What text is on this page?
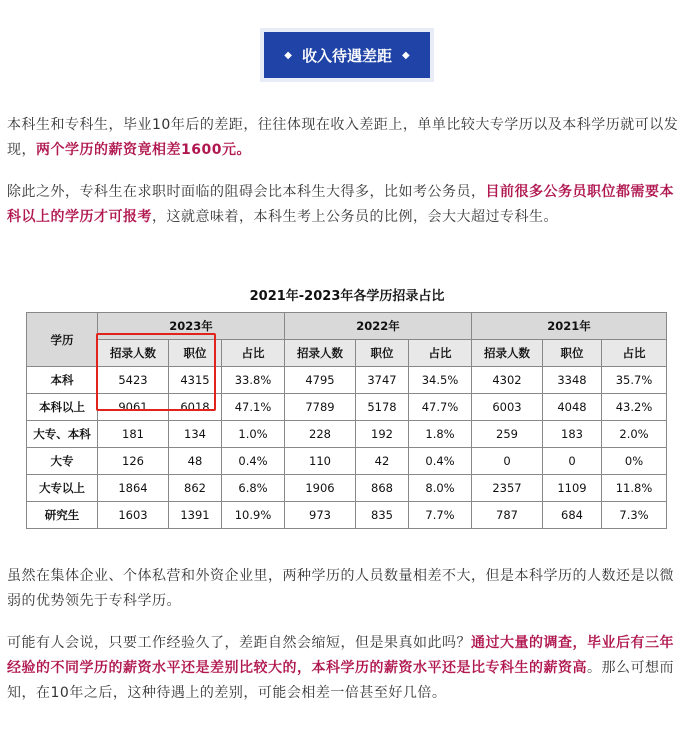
◆ 收入待遇差距 ◆
本科生和专科生，毕业10年后的差距，往往体现在收入差距上，单单比较大专学历以及本科学历就可以发现，两个学历的薪资竟相差1600元。
除此之外，专科生在求职时面临的阻碍会比本科生大得多，比如考公务员，目前很多公务员职位都需要本科以上的学历才可报考，这就意味着，本科生考上公务员的比例，会大大超过专科生。
2021年-2023年各学历招录占比
学历	2023年			2022年			2021年		
	招录人数	职位	占比	招录人数	职位	占比	招录人数	职位	占比
本科	5423	4315	33.8%	4795	3747	34.5%	4302	3348	35.7%
本科以上	9061	6018	47.1%	7789	5178	47.7%	6003	4048	43.2%
大专、本科	181	134	1.0%	228	192	1.8%	259	183	2.0%
大专	126	48	0.4%	110	42	0.4%	0	0	0%
大专以上	1864	862	6.8%	1906	868	8.0%	2357	1109	11.8%
研究生	1603	1391	10.9%	973	835	7.7%	787	684	7.3%
虽然在集体企业、个体私营和外资企业里，两种学历的人员数量相差不大，但是本科学历的人数还是以微弱的优势领先于专科学历。
可能有人会说，只要工作经验久了，差距自然会缩短，但是果真如此吗？通过大量的调查，毕业后有三年经验的不同学历的薪资水平还是差别比较大的，本科学历的薪资水平还是比专科生的薪资高。那么可想而知，在10年之后，这种待遇上的差别，可能会相差一倍甚至好几倍。
